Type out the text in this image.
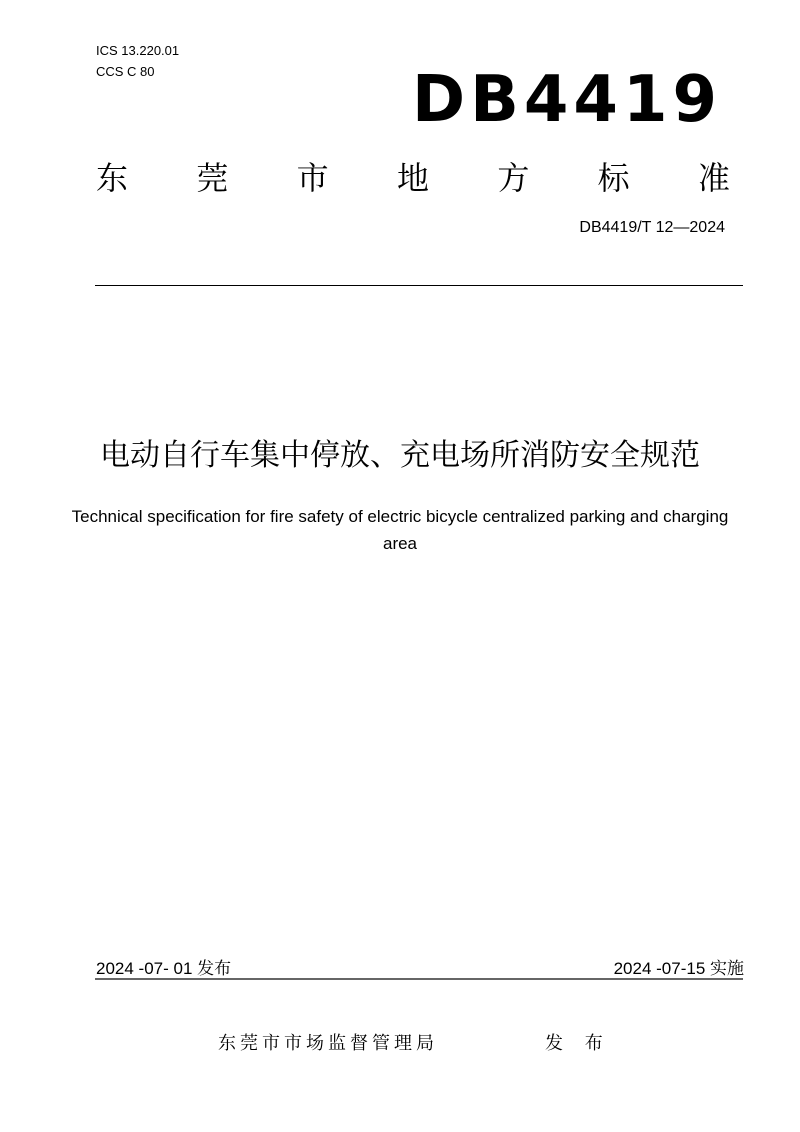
ICS 13.220.01
CCS C 80	DB4419
东 莞 市 地 方 标 准
DB4419/T 12—2024
电动自行车集中停放、充电场所消防安全规范
Technical specification for fire safety of electric bicycle centralized parking and charging area
2024 -07- 01 发布	2024 -07-15 实施
东莞市市场监督管理局	发 布
